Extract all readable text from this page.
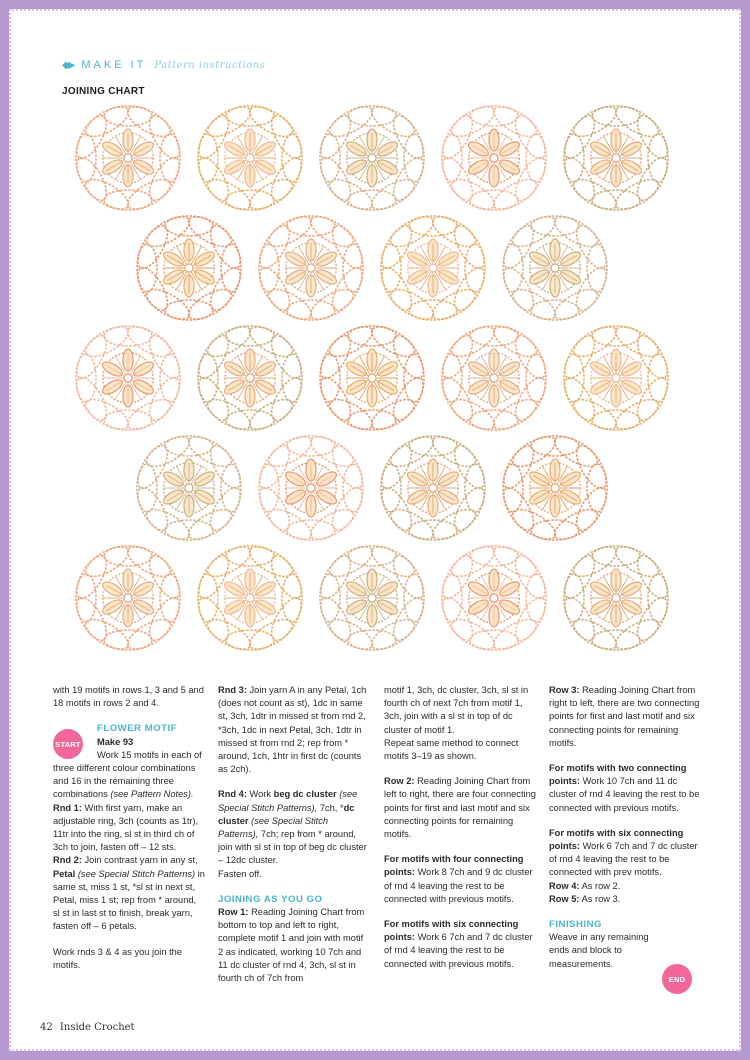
◆▶ MAKE IT Pattern instructions
JOINING CHART

with 19 motifs in rows 1, 3 and 5 and 18 motifs in rows 2 and 4.

FLOWER MOTIF
Make 93

Work 15 motifs in each of three different colour combinations and 16 in the remaining three combinations (see Pattern Notes).

Rnd 1: With first yarn, make an adjustable ring, 3ch (counts as 1tr), 11tr into the ring, sl st in third ch of 3ch to join, fasten off – 12 sts.

Rnd 2: Join contrast yarn in any st, Petal (see Special Stitch Patterns) in same st, miss 1 st, *sl st in next st, Petal, miss 1 st; rep from * around, sl st in last st to finish, break yarn, fasten off – 6 petals.

Work rnds 3 & 4 as you join the motifs.

START

Rnd 3: Join yarn A in any Petal, 1ch (does not count as st), 1dc in same st, 3ch, 1dtr in missed st from rnd 2, *3ch, 1dc in next Petal, 3ch, 1dtr in missed st from rnd 2; rep from * around, 1ch, 1htr in first dc (counts as 2ch).

Rnd 4: Work beg dc cluster (see Special Stitch Patterns), 7ch, *dc cluster (see Special Stitch Patterns), 7ch; rep from * around, join with sl st in top of beg dc cluster – 12dc cluster.

Fasten off.

JOINING AS YOU GO

Row 1: Reading Joining Chart from bottom to top and left to right, complete motif 1 and join with motif 2 as indicated, working 10 7ch and 11 dc cluster of rnd 4, 3ch, sl st in fourth ch of 7ch from

motif 1, 3ch, dc cluster, 3ch, sl st in fourth ch of next 7ch from motif 1, 3ch, join with a sl st in top of dc cluster of motif 1.

Repeat same method to connect motifs 3–19 as shown.

Row 2: Reading Joining Chart from left to right, there are four connecting points for first and last motif and six connecting points for remaining motifs.

For motifs with four connecting points: Work 8 7ch and 9 dc cluster of rnd 4 leaving the rest to be connected with previous motifs.

For motifs with six connecting points: Work 6 7ch and 7 dc cluster of rnd 4 leaving the rest to be connected with previous motifs.

Row 3: Reading Joining Chart from right to left, there are two connecting points for first and last motif and six connecting points for remaining motifs.

For motifs with two connecting points: Work 10 7ch and 11 dc cluster of rnd 4 leaving the rest to be connected with previous motifs.

For motifs with six connecting points: Work 6 7ch and 7 dc cluster of rnd 4 leaving the rest to be connected with prev motifs.

Row 4: As row 2.

Row 5: As row 3.

FINISHING

Weave in any remaining ends and block to measurements.

END
42 Inside Crochet
